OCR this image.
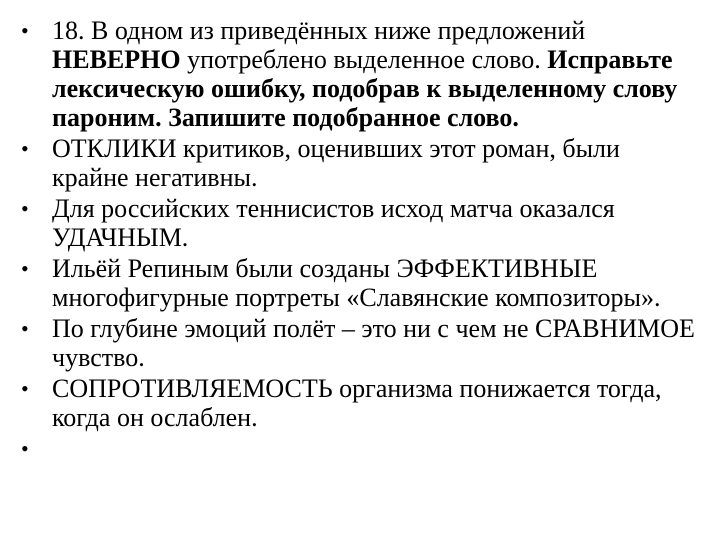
• 18. В одном из приведённых ниже предложений НЕВЕРНО употреблено выделенное слово. Исправьте лексическую ошибку, подобрав к выделенному слову пароним. Запишите подобранное слово.
• ОТКЛИКИ критиков, оценивших этот роман, были крайне негативны.
• Для российских теннисистов исход матча оказался УДАЧНЫМ.
• Ильёй Репиным были созданы ЭФФЕКТИВНЫЕ многофигурные портреты «Славянские композиторы».
• По глубине эмоций полёт – это ни с чем не СРАВНИМОЕ чувство.
• СОПРОТИВЛЯЕМОСТЬ организма понижается тогда, когда он ослаблен.
•
